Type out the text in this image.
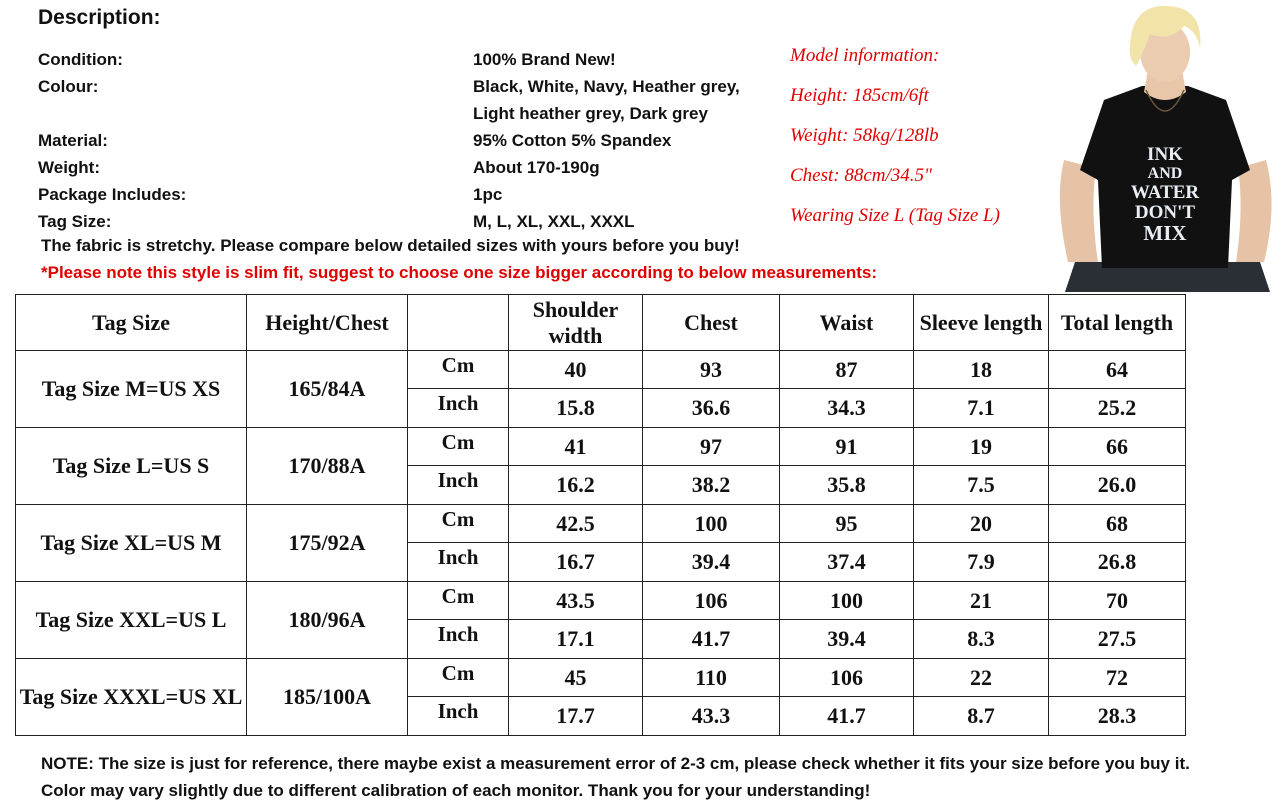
Description:
Condition:	100% Brand New!
Colour:	Black, White, Navy, Heather grey,
Light heather grey, Dark grey
Material:	95% Cotton 5% Spandex
Weight:	About 170-190g
Package Includes:	1pc
Tag Size:	M, L, XL, XXL, XXXL
The fabric is stretchy. Please compare below detailed sizes with yours before you buy!
*Please note this style is slim fit, suggest to choose one size bigger according to below measurements:
Model information:
Height: 185cm/6ft
Weight: 58kg/128lb
Chest: 88cm/34.5"
Wearing Size L (Tag Size L)
INK
AND
WATER
DON'T
MIX
Tag Size	Height/Chest		Shoulder width	Chest	Waist	Sleeve length	Total length
Tag Size M=US XS	165/84A	Cm	40	93	87	18	64
		Inch	15.8	36.6	34.3	7.1	25.2
Tag Size L=US S	170/88A	Cm	41	97	91	19	66
		Inch	16.2	38.2	35.8	7.5	26.0
Tag Size XL=US M	175/92A	Cm	42.5	100	95	20	68
		Inch	16.7	39.4	37.4	7.9	26.8
Tag Size XXL=US L	180/96A	Cm	43.5	106	100	21	70
		Inch	17.1	41.7	39.4	8.3	27.5
Tag Size XXXL=US XL	185/100A	Cm	45	110	106	22	72
		Inch	17.7	43.3	41.7	8.7	28.3
NOTE: The size is just for reference, there maybe exist a measurement error of 2-3 cm, please check whether it fits your size before you buy it.
Color may vary slightly due to different calibration of each monitor. Thank you for your understanding!
